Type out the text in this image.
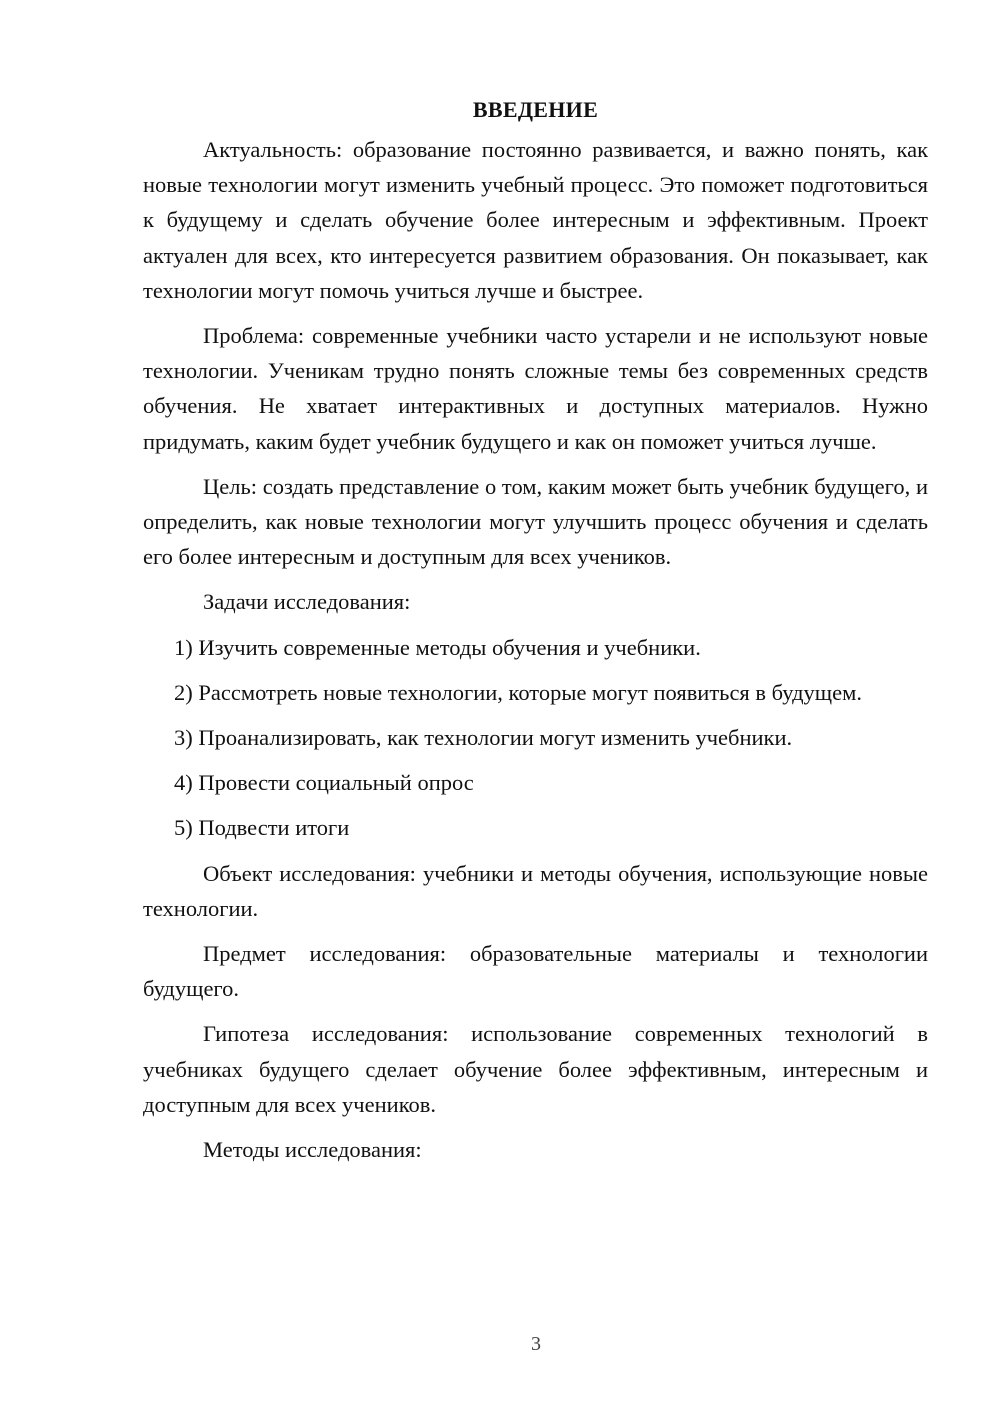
ВВЕДЕНИЕ

Актуальность: образование постоянно развивается, и важно понять, как новые технологии могут изменить учебный процесс. Это поможет подготовиться к будущему и сделать обучение более интересным и эффективным. Проект актуален для всех, кто интересуется развитием образования. Он показывает, как технологии могут помочь учиться лучше и быстрее.

Проблема: современные учебники часто устарели и не используют новые технологии. Ученикам трудно понять сложные темы без современных средств обучения. Не хватает интерактивных и доступных материалов. Нужно придумать, каким будет учебник будущего и как он поможет учиться лучше.

Цель: создать представление о том, каким может быть учебник будущего, и определить, как новые технологии могут улучшить процесс обучения и сделать его более интересным и доступным для всех учеников.

Задачи исследования:

1) Изучить современные методы обучения и учебники.

2) Рассмотреть новые технологии, которые могут появиться в будущем.

3) Проанализировать, как технологии могут изменить учебники.

4) Провести социальный опрос

5) Подвести итоги

Объект исследования: учебники и методы обучения, использующие новые технологии.

Предмет исследования: образовательные материалы и технологии будущего.

Гипотеза исследования: использование современных технологий в учебниках будущего сделает обучение более эффективным, интересным и доступным для всех учеников.

Методы исследования:

3
